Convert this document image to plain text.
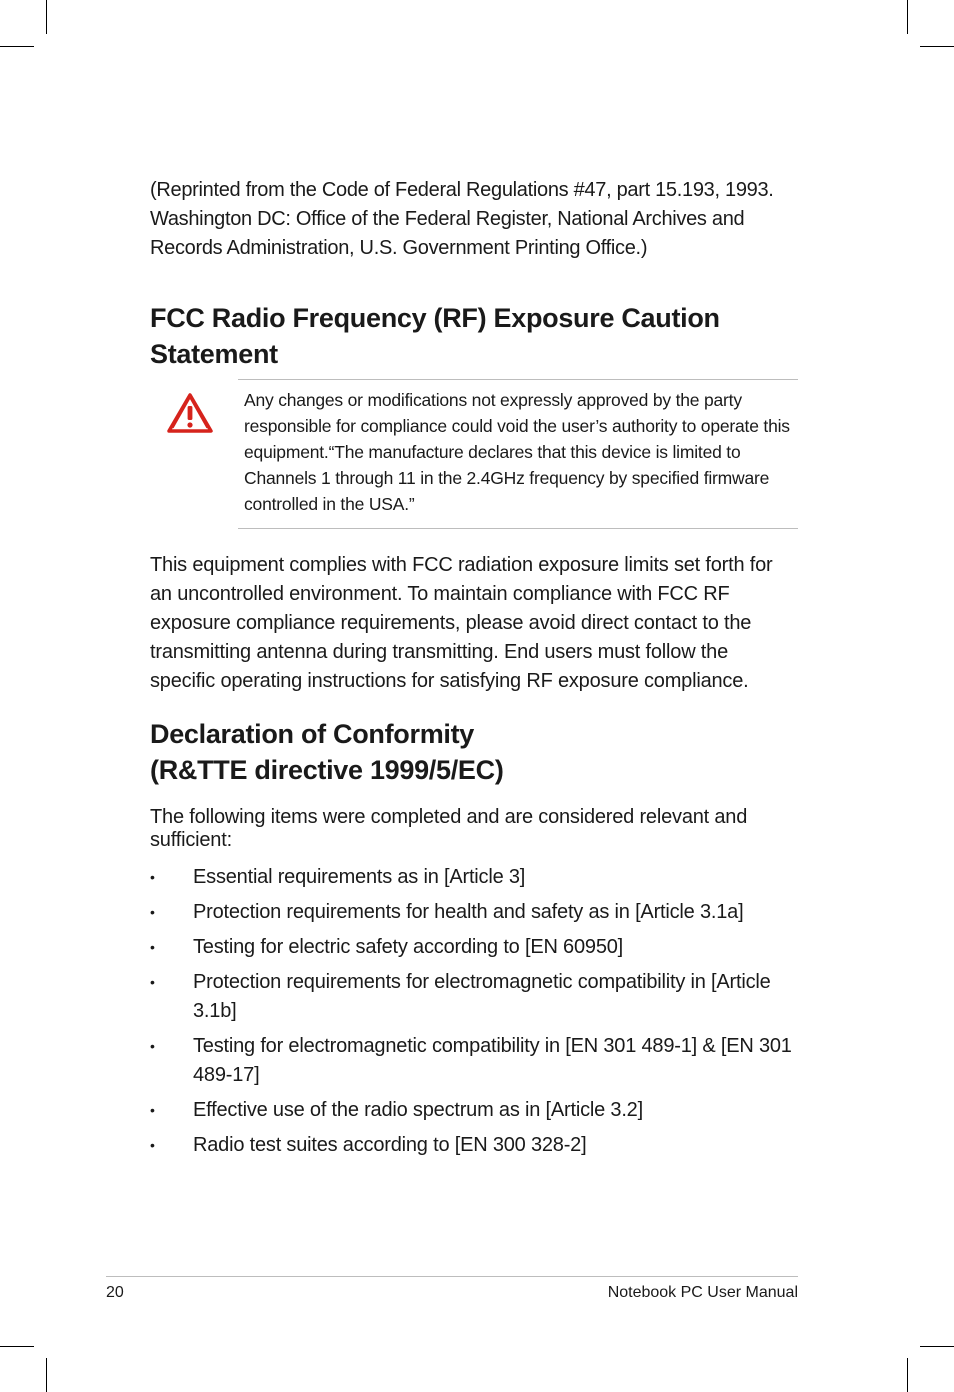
(Reprinted from the Code of Federal Regulations #47, part 15.193, 1993. Washington DC: Office of the Federal Register, National Archives and Records Administration, U.S. Government Printing Office.)

FCC Radio Frequency (RF) Exposure Caution Statement

Any changes or modifications not expressly approved by the party responsible for compliance could void the user’s authority to operate this equipment.“The manufacture declares that this device is limited to Channels 1 through 11 in the 2.4GHz frequency by specified firmware controlled in the USA.”

This equipment complies with FCC radiation exposure limits set forth for an uncontrolled environment. To maintain compliance with FCC RF exposure compliance requirements, please avoid direct contact to the transmitting antenna during transmitting. End users must follow the specific operating instructions for satisfying RF exposure compliance.

Declaration of Conformity
(R&TTE directive 1999/5/EC)

The following items were completed and are considered relevant and sufficient:

•	Essential requirements as in [Article 3]
•	Protection requirements for health and safety as in [Article 3.1a]
•	Testing for electric safety according to [EN 60950]
•	Protection requirements for electromagnetic compatibility in [Article 3.1b]
•	Testing for electromagnetic compatibility in [EN 301 489-1] & [EN 301 489-17]
•	Effective use of the radio spectrum as in [Article 3.2]
•	Radio test suites according to [EN 300 328-2]
20	Notebook PC User Manual
